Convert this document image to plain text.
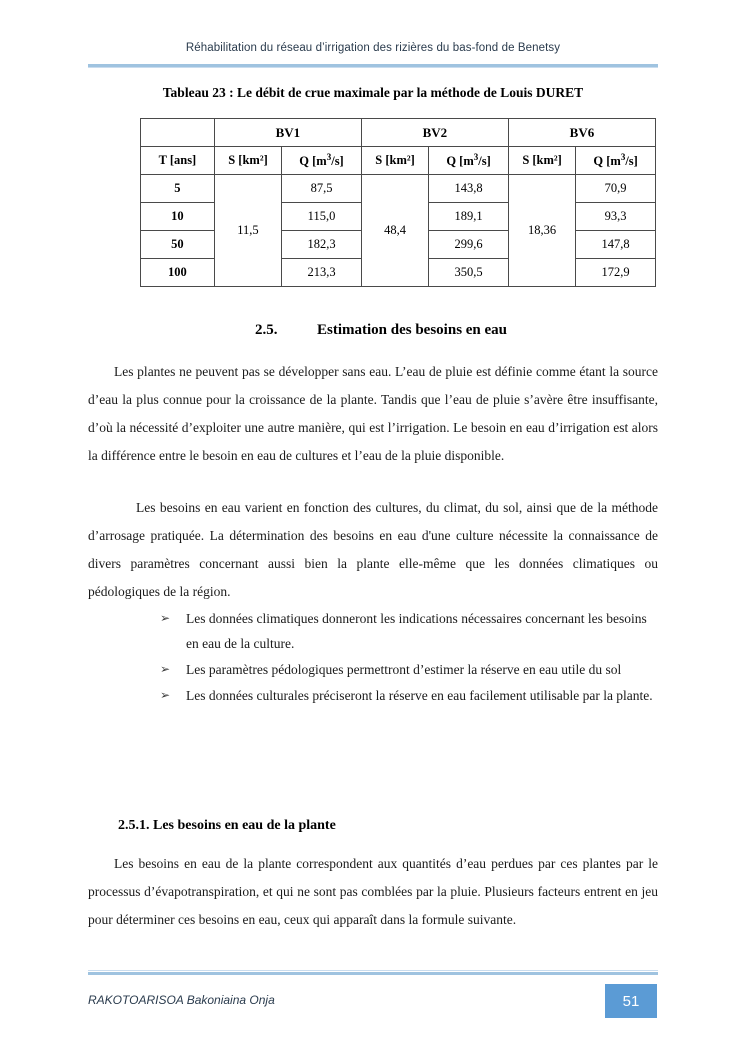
Réhabilitation du réseau d’irrigation des rizières du bas-fond de Benetsy
Tableau 23 : Le débit de crue maximale par la méthode de Louis DURET
	BV1		BV2		BV6	
T [ans]	S [km²]	Q $[m^3/s]$	S [km²]	Q $[m^3/s]$	S [km²]	Q $[m^3/s]$
5	11,5	87,5	48,4	143,8	18,36	70,9
10		115,0		189,1		93,3
50		182,3		299,6		147,8
100		213,3		350,5		172,9
2.5.	Estimation des besoins en eau
Les plantes ne peuvent pas se développer sans eau. L’eau de pluie est définie comme étant la source d’eau la plus connue pour la croissance de la plante. Tandis que l’eau de pluie s’avère être insuffisante, d’où la nécessité d’exploiter une autre manière, qui est l’irrigation. Le besoin en eau d’irrigation est alors la différence entre le besoin en eau de cultures et l’eau de la pluie disponible.
Les besoins en eau varient en fonction des cultures, du climat, du sol, ainsi que de la méthode d’arrosage pratiquée. La détermination des besoins en eau d'une culture nécessite la connaissance de divers paramètres concernant aussi bien la plante elle-même que les données climatiques ou pédologiques de la région.
➢ Les données climatiques donneront les indications nécessaires concernant les besoins en eau de la culture.
➢ Les paramètres pédologiques permettront d’estimer la réserve en eau utile du sol
➢ Les données culturales préciseront la réserve en eau facilement utilisable par la plante.
2.5.1. Les besoins en eau de la plante
Les besoins en eau de la plante correspondent aux quantités d’eau perdues par ces plantes par le processus d’évapotranspiration, et qui ne sont pas comblées par la pluie. Plusieurs facteurs entrent en jeu pour déterminer ces besoins en eau, ceux qui apparaît dans la formule suivante.
RAKOTOARISOA Bakoniaina Onja	51
